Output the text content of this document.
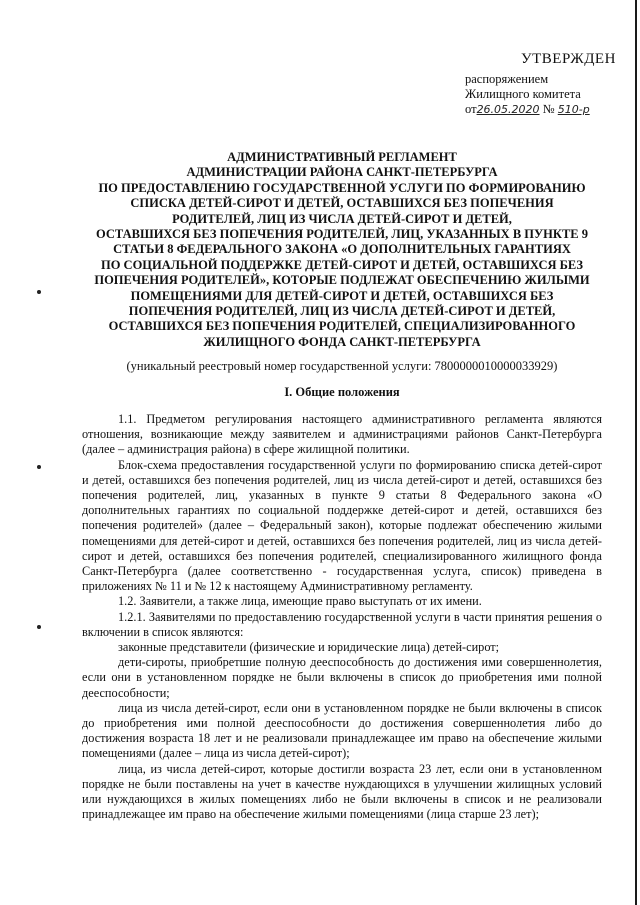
УТВЕРЖДЕН
распоряжением
Жилищного комитета
от26.05.2020 № 510-р
АДМИНИСТРАТИВНЫЙ РЕГЛАМЕНТ
АДМИНИСТРАЦИИ РАЙОНА САНКТ-ПЕТЕРБУРГА
ПО ПРЕДОСТАВЛЕНИЮ ГОСУДАРСТВЕННОЙ УСЛУГИ ПО ФОРМИРОВАНИЮ
СПИСКА ДЕТЕЙ-СИРОТ И ДЕТЕЙ, ОСТАВШИХСЯ БЕЗ ПОПЕЧЕНИЯ
РОДИТЕЛЕЙ, ЛИЦ ИЗ ЧИСЛА ДЕТЕЙ-СИРОТ И ДЕТЕЙ,
ОСТАВШИХСЯ БЕЗ ПОПЕЧЕНИЯ РОДИТЕЛЕЙ, ЛИЦ, УКАЗАННЫХ В ПУНКТЕ 9
СТАТЬИ 8 ФЕДЕРАЛЬНОГО ЗАКОНА «О ДОПОЛНИТЕЛЬНЫХ ГАРАНТИЯХ
ПО СОЦИАЛЬНОЙ ПОДДЕРЖКЕ ДЕТЕЙ-СИРОТ И ДЕТЕЙ, ОСТАВШИХСЯ БЕЗ
ПОПЕЧЕНИЯ РОДИТЕЛЕЙ», КОТОРЫЕ ПОДЛЕЖАТ ОБЕСПЕЧЕНИЮ ЖИЛЫМИ
ПОМЕЩЕНИЯМИ ДЛЯ ДЕТЕЙ-СИРОТ И ДЕТЕЙ, ОСТАВШИХСЯ БЕЗ
ПОПЕЧЕНИЯ РОДИТЕЛЕЙ, ЛИЦ ИЗ ЧИСЛА ДЕТЕЙ-СИРОТ И ДЕТЕЙ,
ОСТАВШИХСЯ БЕЗ ПОПЕЧЕНИЯ РОДИТЕЛЕЙ, СПЕЦИАЛИЗИРОВАННОГО
ЖИЛИЩНОГО ФОНДА САНКТ-ПЕТЕРБУРГА
(уникальный реестровый номер государственной услуги: 7800000010000033929)
I. Общие положения

1.1. Предметом регулирования настоящего административного регламента являются отношения, возникающие между заявителем и администрациями районов Санкт-Петербурга (далее – администрация района) в сфере жилищной политики.

Блок-схема предоставления государственной услуги по формированию списка детей-сирот и детей, оставшихся без попечения родителей, лиц из числа детей-сирот и детей, оставшихся без попечения родителей, лиц, указанных в пункте 9 статьи 8 Федерального закона «О дополнительных гарантиях по социальной поддержке детей-сирот и детей, оставшихся без попечения родителей» (далее – Федеральный закон), которые подлежат обеспечению жилыми помещениями для детей-сирот и детей, оставшихся без попечения родителей, лиц из числа детей-сирот и детей, оставшихся без попечения родителей, специализированного жилищного фонда Санкт-Петербурга (далее соответственно - государственная услуга, список) приведена в приложениях № 11 и № 12 к настоящему Административному регламенту.

1.2. Заявители, а также лица, имеющие право выступать от их имени.

1.2.1. Заявителями по предоставлению государственной услуги в части принятия решения о включении в список являются:

законные представители (физические и юридические лица) детей-сирот;

дети-сироты, приобретшие полную дееспособность до достижения ими совершеннолетия, если они в установленном порядке не были включены в список до приобретения ими полной дееспособности;

лица из числа детей-сирот, если они в установленном порядке не были включены в список до приобретения ими полной дееспособности до достижения совершеннолетия либо до достижения возраста 18 лет и не реализовали принадлежащее им право на обеспечение жилыми помещениями (далее – лица из числа детей-сирот);

лица, из числа детей-сирот, которые достигли возраста 23 лет, если они в установленном порядке не были поставлены на учет в качестве нуждающихся в улучшении жилищных условий или нуждающихся в жилых помещениях либо не были включены в список и не реализовали принадлежащее им право на обеспечение жилыми помещениями (лица старше 23 лет);
